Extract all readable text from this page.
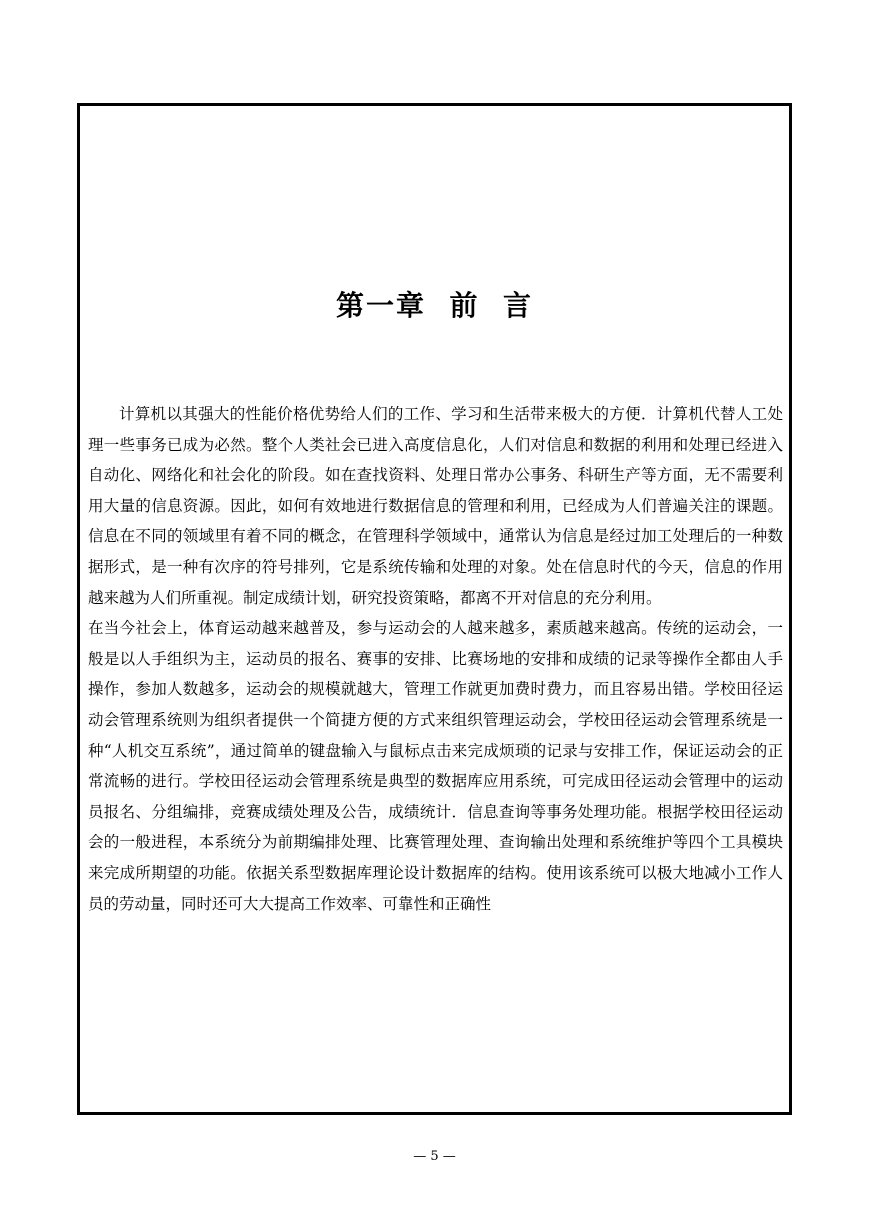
第一章  前  言

计算机以其强大的性能价格优势给人们的工作、学习和生活带来极大的方便．计算机代替人工处理一些事务已成为必然。整个人类社会已进入高度信息化，人们对信息和数据的利用和处理已经进入自动化、网络化和社会化的阶段。如在查找资料、处理日常办公事务、科研生产等方面，无不需要利用大量的信息资源。因此，如何有效地进行数据信息的管理和利用，已经成为人们普遍关注的课题。信息在不同的领域里有着不同的概念，在管理科学领域中，通常认为信息是经过加工处理后的一种数据形式，是一种有次序的符号排列，它是系统传输和处理的对象。处在信息时代的今天，信息的作用越来越为人们所重视。制定成绩计划，研究投资策略，都离不开对信息的充分利用。

在当今社会上，体育运动越来越普及，参与运动会的人越来越多，素质越来越高。传统的运动会，一般是以人手组织为主，运动员的报名、赛事的安排、比赛场地的安排和成绩的记录等操作全都由人手操作，参加人数越多，运动会的规模就越大，管理工作就更加费时费力，而且容易出错。学校田径运动会管理系统则为组织者提供一个简捷方便的方式来组织管理运动会，学校田径运动会管理系统是一种“人机交互系统”，通过简单的键盘输入与鼠标点击来完成烦琐的记录与安排工作，保证运动会的正常流畅的进行。学校田径运动会管理系统是典型的数据库应用系统，可完成田径运动会管理中的运动员报名、分组编排，竞赛成绩处理及公告，成绩统计．信息查询等事务处理功能。根据学校田径运动会的一般进程，本系统分为前期编排处理、比赛管理处理、查询输出处理和系统维护等四个工具模块来完成所期望的功能。依据关系型数据库理论设计数据库的结构。使用该系统可以极大地减小工作人员的劳动量，同时还可大大提高工作效率、可靠性和正确性

— 5 —
